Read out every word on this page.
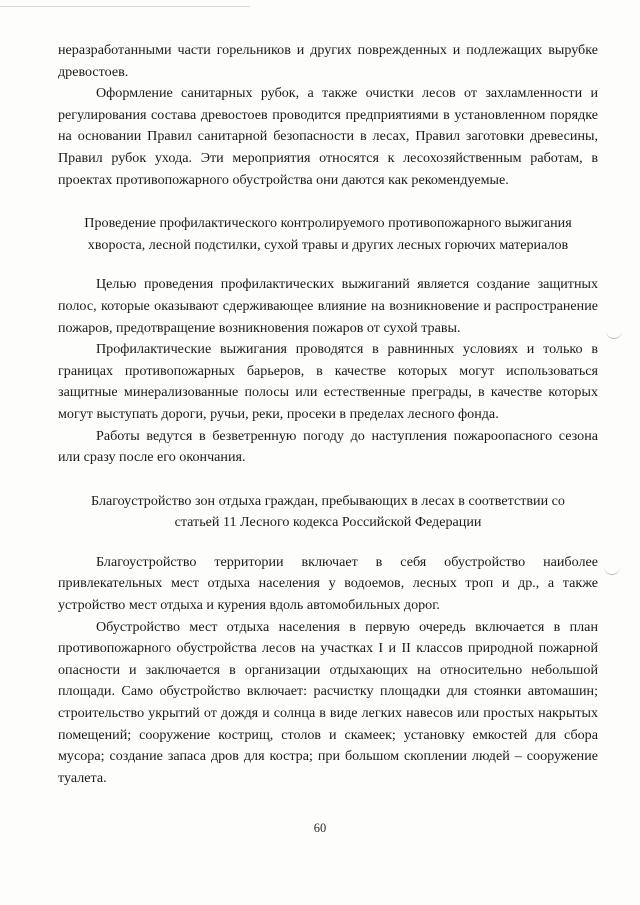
неразработанными части горельников и других поврежденных и подлежащих вырубке древостоев.

Оформление санитарных рубок, а также очистки лесов от захламленности и регулирования состава древостоев проводится предприятиями в установленном порядке на основании Правил санитарной безопасности в лесах, Правил заготовки древесины, Правил рубок ухода. Эти мероприятия относятся к лесохозяйственным работам, в проектах противопожарного обустройства они даются как рекомендуемые.

Проведение профилактического контролируемого противопожарного выжигания хвороста, лесной подстилки, сухой травы и других лесных горючих материалов

Целью проведения профилактических выжиганий является создание защитных полос, которые оказывают сдерживающее влияние на возникновение и распространение пожаров, предотвращение возникновения пожаров от сухой травы.

Профилактические выжигания проводятся в равнинных условиях и только в границах противопожарных барьеров, в качестве которых могут использоваться защитные минерализованные полосы или естественные преграды, в качестве которых могут выступать дороги, ручьи, реки, просеки в пределах лесного фонда.

Работы ведутся в безветренную погоду до наступления пожароопасного сезона или сразу после его окончания.

Благоустройство зон отдыха граждан, пребывающих в лесах в соответствии со статьей 11 Лесного кодекса Российской Федерации

Благоустройство территории включает в себя обустройство наиболее привлекательных мест отдыха населения у водоемов, лесных троп и др., а также устройство мест отдыха и курения вдоль автомобильных дорог.

Обустройство мест отдыха населения в первую очередь включается в план противопожарного обустройства лесов на участках I и II классов природной пожарной опасности и заключается в организации отдыхающих на относительно небольшой площади. Само обустройство включает: расчистку площадки для стоянки автомашин; строительство укрытий от дождя и солнца в виде легких навесов или простых накрытых помещений; сооружение кострищ, столов и скамеек; установку емкостей для сбора мусора; создание запаса дров для костра; при большом скоплении людей – сооружение туалета.

60
